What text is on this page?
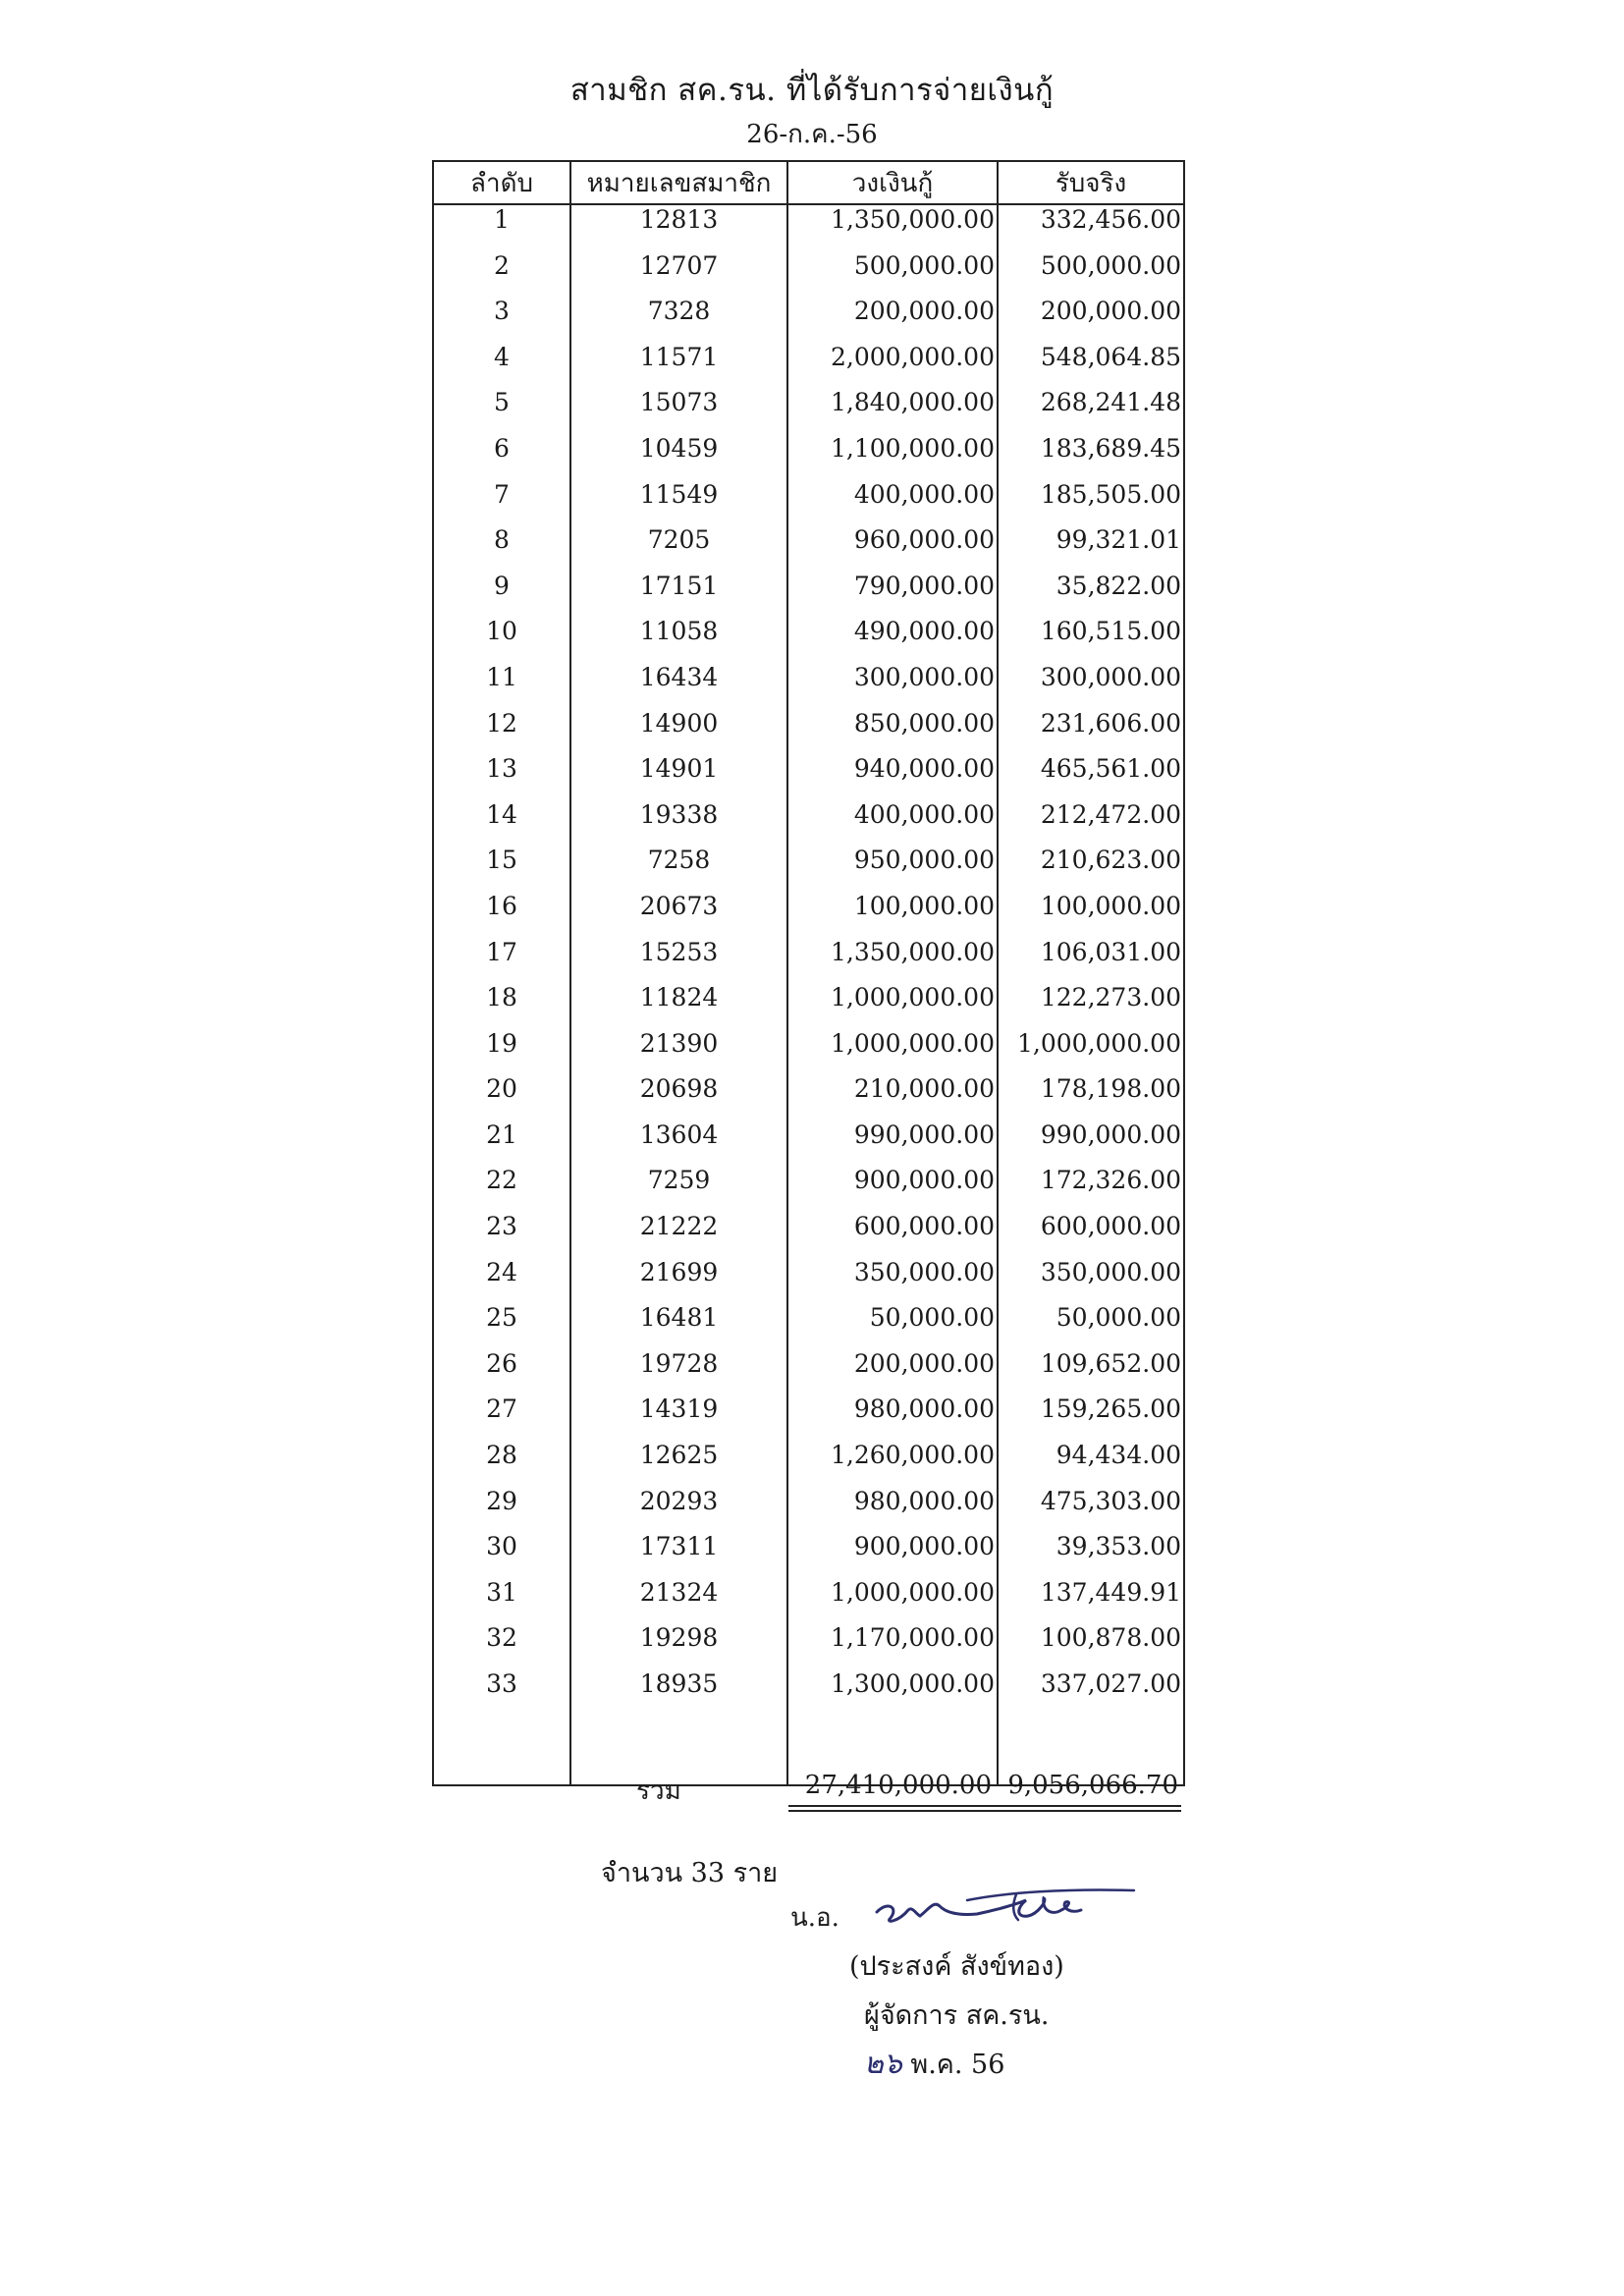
สามชิก สค.รน. ที่ได้รับการจ่ายเงินกู้
26-ก.ค.-56
ลำดับ	หมายเลขสมาชิก	วงเงินกู้	รับจริง
1	12813	1,350,000.00	332,456.00
2	12707	500,000.00	500,000.00
3	7328	200,000.00	200,000.00
4	11571	2,000,000.00	548,064.85
5	15073	1,840,000.00	268,241.48
6	10459	1,100,000.00	183,689.45
7	11549	400,000.00	185,505.00
8	7205	960,000.00	99,321.01
9	17151	790,000.00	35,822.00
10	11058	490,000.00	160,515.00
11	16434	300,000.00	300,000.00
12	14900	850,000.00	231,606.00
13	14901	940,000.00	465,561.00
14	19338	400,000.00	212,472.00
15	7258	950,000.00	210,623.00
16	20673	100,000.00	100,000.00
17	15253	1,350,000.00	106,031.00
18	11824	1,000,000.00	122,273.00
19	21390	1,000,000.00	1,000,000.00
20	20698	210,000.00	178,198.00
21	13604	990,000.00	990,000.00
22	7259	900,000.00	172,326.00
23	21222	600,000.00	600,000.00
24	21699	350,000.00	350,000.00
25	16481	50,000.00	50,000.00
26	19728	200,000.00	109,652.00
27	14319	980,000.00	159,265.00
28	12625	1,260,000.00	94,434.00
29	20293	980,000.00	475,303.00
30	17311	900,000.00	39,353.00
31	21324	1,000,000.00	137,449.91
32	19298	1,170,000.00	100,878.00
33	18935	1,300,000.00	337,027.00

รวม	27,410,000.00 9,056,066.70
จำนวน 33 ราย
น.อ.
(ประสงค์ สังข์ทอง)
ผู้จัดการ สค.รน.
๒๖ พ.ค. 56
